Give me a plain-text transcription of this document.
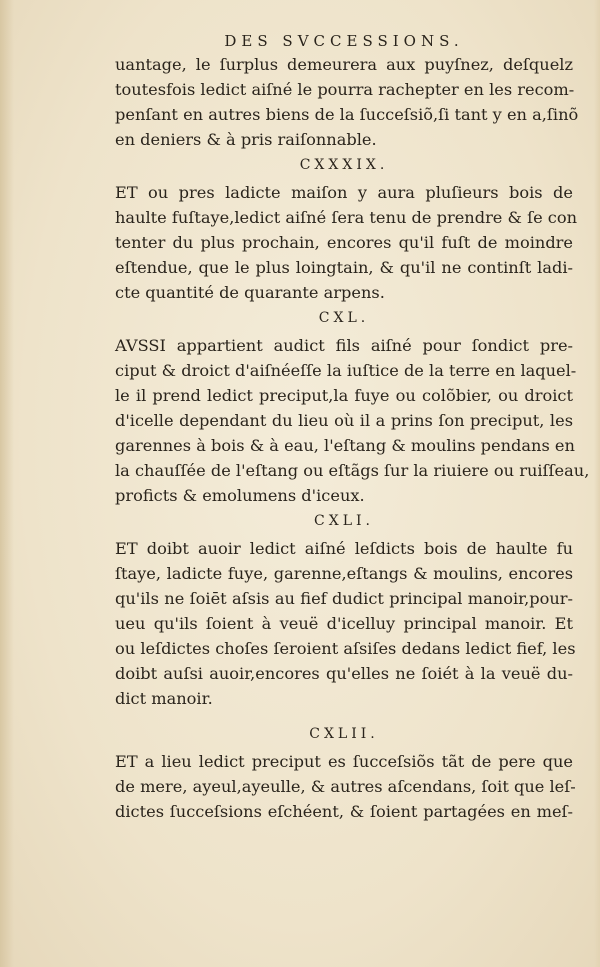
DES SVCCESSIONS.
uantage, le ſurplus demeurera aux puyſnez, deſquelz
toutesfois ledict aiſné le pourra rachepter en les recom-
penſant en autres biens de la ſucceſsiõ,ſi tant y en a,ſinõ
en deniers & à pris raiſonnable.
CXXXIX.
ET ou pres ladicte maiſon y aura pluſieurs bois de
haulte fuſtaye,ledict aiſné ſera tenu de prendre & ſe con
tenter du plus prochain, encores qu'il fuſt de moindre
eſtendue, que le plus loingtain, & qu'il ne continſt ladi-
cte quantité de quarante arpens.
CXL.
AVSSI appartient audict fils aiſné pour ſondict pre-
ciput & droict d'aiſnéeſſe la iuſtice de la terre en laquel-
le il prend ledict preciput,la fuye ou colõbier, ou droict
d'icelle dependant du lieu où il a prins ſon preciput, les
garennes à bois & à eau, l'eſtang & moulins pendans en
la chauſſée de l'eſtang ou eſtãgs ſur la riuiere ou ruiſſeau,
proficts & emolumens d'iceux.
CXLI.
ET doibt auoir ledict aiſné leſdicts bois de haulte fu
ſtaye, ladicte fuye, garenne,eſtangs & moulins, encores
qu'ils ne ſoiēt aſsis au fief dudict principal manoir,pour-
ueu qu'ils ſoient à veuë d'icelluy principal manoir. Et
ou leſdictes choſes ſeroient aſsiſes dedans ledict fief, les
doibt auſsi auoir,encores qu'elles ne ſoiét à la veuë du-
dict manoir.
CXLII.
ET a lieu ledict preciput es ſucceſsiõs tãt de pere que
de mere, ayeul,ayeulle, & autres aſcendans, ſoit que leſ-
dictes ſucceſsions eſchéent, & ſoient partagées en meſ-
